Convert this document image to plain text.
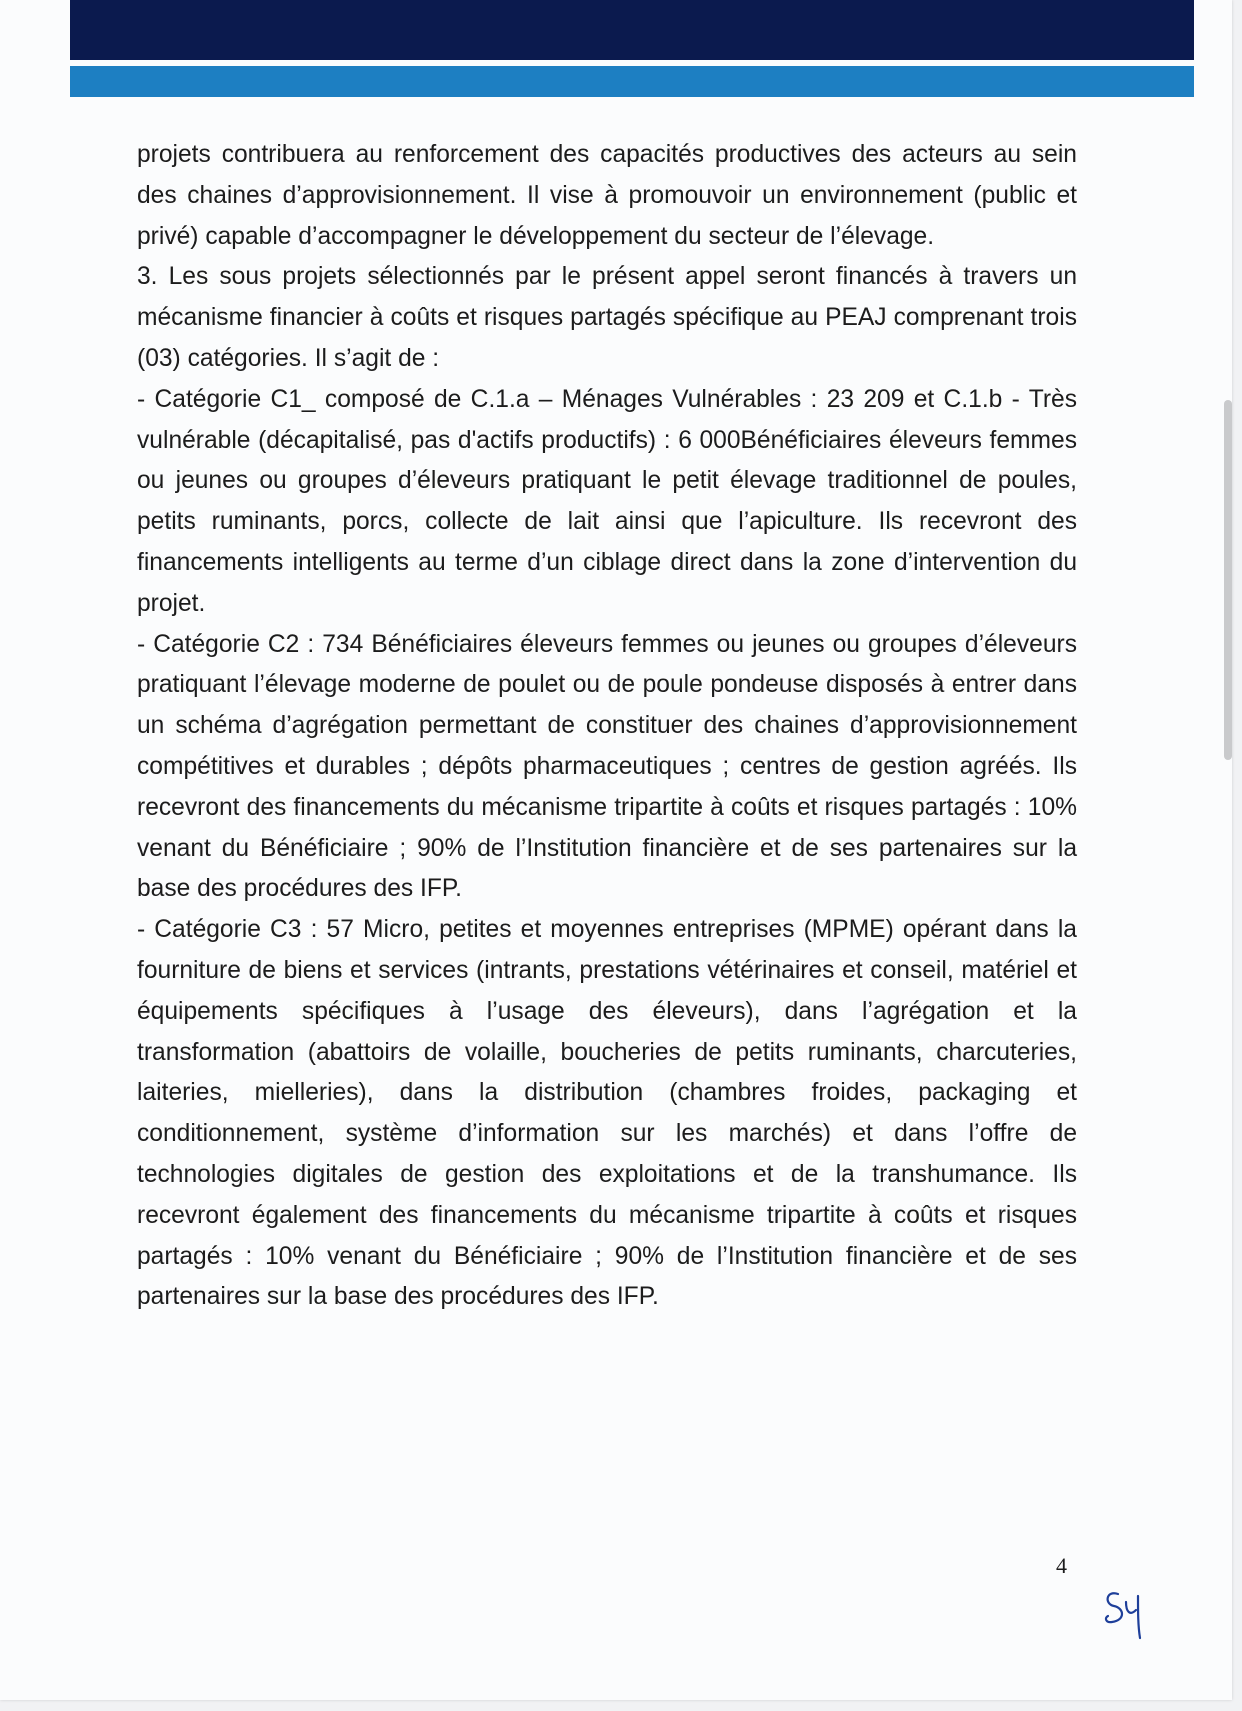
projets contribuera au renforcement des capacités productives des acteurs au sein des chaines d’approvisionnement. Il vise à promouvoir un environnement (public et privé) capable d’accompagner le développement du secteur de l’élevage.

3. Les sous projets sélectionnés par le présent appel seront financés à travers un mécanisme financier à coûts et risques partagés spécifique au PEAJ comprenant trois (03) catégories. Il s’agit de :

- Catégorie C1_ composé de C.1.a – Ménages Vulnérables : 23 209 et C.1.b - Très vulnérable (décapitalisé, pas d'actifs productifs) : 6 000Bénéficiaires éleveurs femmes ou jeunes ou groupes d’éleveurs pratiquant le petit élevage traditionnel de poules, petits ruminants, porcs, collecte de lait ainsi que l’apiculture. Ils recevront des financements intelligents au terme d’un ciblage direct dans la zone d’intervention du projet.

- Catégorie C2 : 734 Bénéficiaires éleveurs femmes ou jeunes ou groupes d’éleveurs pratiquant l’élevage moderne de poulet ou de poule pondeuse disposés à entrer dans un schéma d’agrégation permettant de constituer des chaines d’approvisionnement compétitives et durables ; dépôts pharmaceutiques ; centres de gestion agréés. Ils recevront des financements du mécanisme tripartite à coûts et risques partagés : 10% venant du Bénéficiaire ; 90% de l’Institution financière et de ses partenaires sur la base des procédures des IFP.

- Catégorie C3 : 57 Micro, petites et moyennes entreprises (MPME) opérant dans la fourniture de biens et services (intrants, prestations vétérinaires et conseil, matériel et équipements spécifiques à l’usage des éleveurs), dans l’agrégation et la transformation (abattoirs de volaille, boucheries de petits ruminants, charcuteries, laiteries, mielleries), dans la distribution (chambres froides, packaging et conditionnement, système d’information sur les marchés) et dans l’offre de technologies digitales de gestion des exploitations et de la transhumance. Ils recevront également des financements du mécanisme tripartite à coûts et risques partagés : 10% venant du Bénéficiaire ; 90% de l’Institution financière et de ses partenaires sur la base des procédures des IFP.

4
